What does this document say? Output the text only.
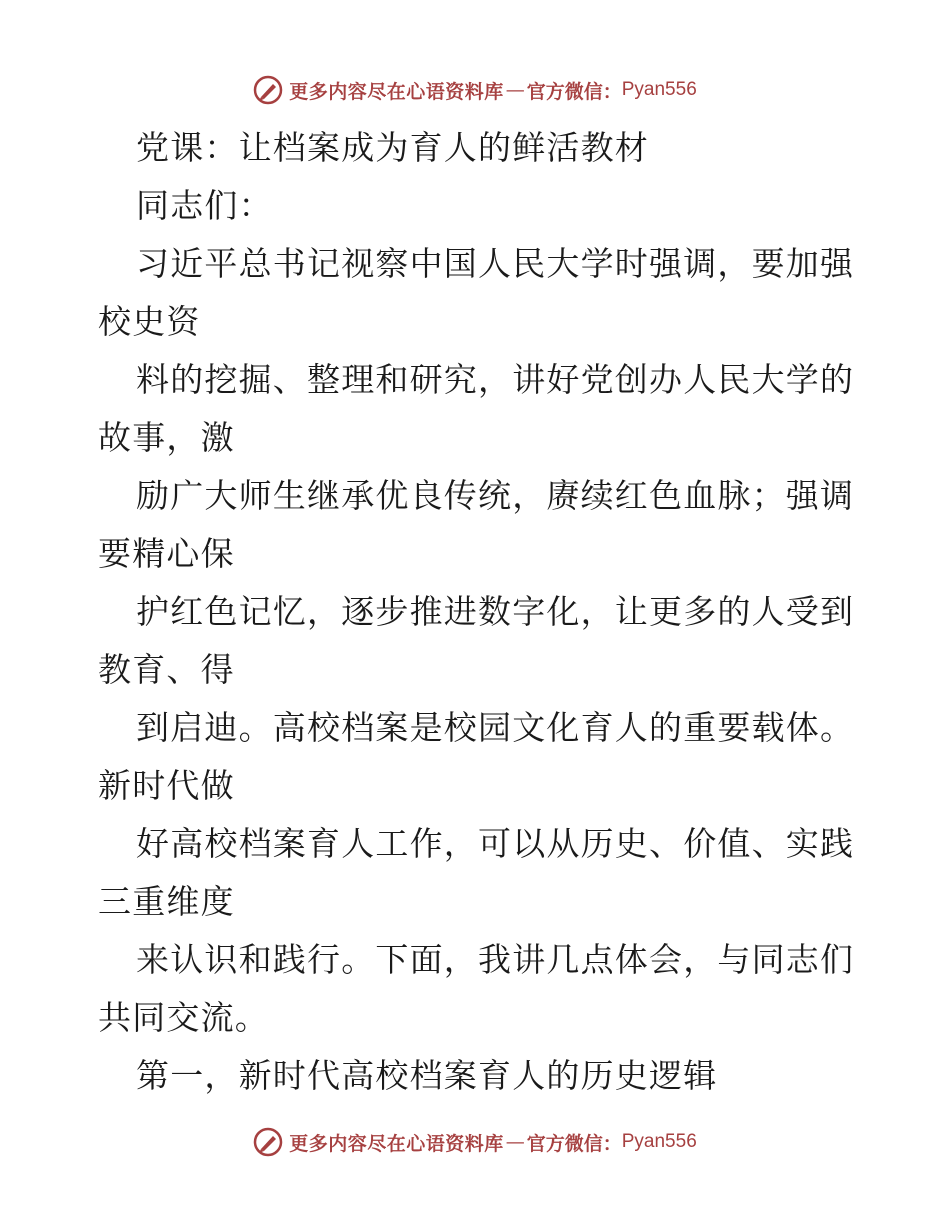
更多内容尽在心语资料库 — 官方微信： Pyan556
党课：让档案成为育人的鲜活教材
同志们：
习近平总书记视察中国人民大学时强调，要加强
校史资
料的挖掘、整理和研究，讲好党创办人民大学的
故事，激
励广大师生继承优良传统，赓续红色血脉；强调
要精心保
护红色记忆，逐步推进数字化，让更多的人受到
教育、得
到启迪。高校档案是校园文化育人的重要载体。
新时代做
好高校档案育人工作，可以从历史、价值、实践
三重维度
来认识和践行。下面，我讲几点体会，与同志们
共同交流。
第一，新时代高校档案育人的历史逻辑
更多内容尽在心语资料库 — 官方微信： Pyan556
